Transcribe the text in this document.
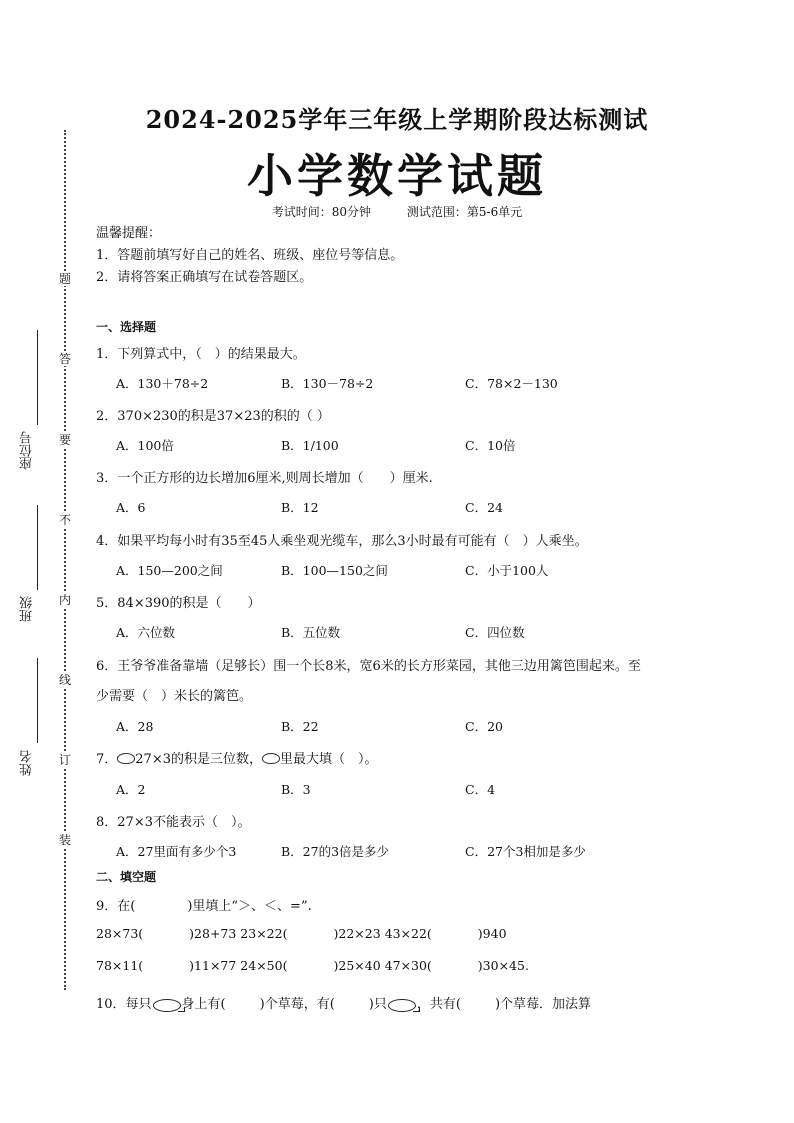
2024-2025学年三年级上学期阶段达标测试
小学数学试题
考试时间：80分钟	测试范围：第5-6单元
温馨提醒：
1．答题前填写好自己的姓名、班级、座位号等信息。
2．请将答案正确填写在试卷答题区。
题
答
要
不
内
线
订
装
座位号
班级
姓名
一、选择题
1．下列算式中，（　）的结果最大。
A．130＋78÷2	B．130－78÷2	C．78×2－130
2．370×230的积是37×23的积的（ ）
A．100倍	B．1/100	C．10倍
3．一个正方形的边长增加6厘米,则周长增加（　　）厘米.
A．6	B．12	C．24
4．如果平均每小时有35至45人乘坐观光缆车，那么3小时最有可能有（　）人乘坐。
A．150—200之间	B．100—150之间	C．小于100人
5．84×390的积是（　　）
A．六位数	B．五位数	C．四位数
6．王爷爷准备靠墙（足够长）围一个长8米，宽6米的长方形菜园，其他三边用篱笆围起来。至
少需要（　）米长的篱笆。
A．28	B．22	C．20
7． 27×3的积是三位数， 里最大填（　）。
A．2	B．3	C．4
8．27×3不能表示（　）。
A．27里面有多少个3	B．27的3倍是多少	C．27个3相加是多少
二、填空题
9．在(　　　　)里填上“＞、＜、=”.
28×73(	)28+73 23×22(	)22×23 43×22(	)940
78×11(	)11×77 24×50(	)25×40 47×30(	)30×45.
10．每只 身上有(	)个草莓，有(	)只 ，共有(	)个草莓．加法算
